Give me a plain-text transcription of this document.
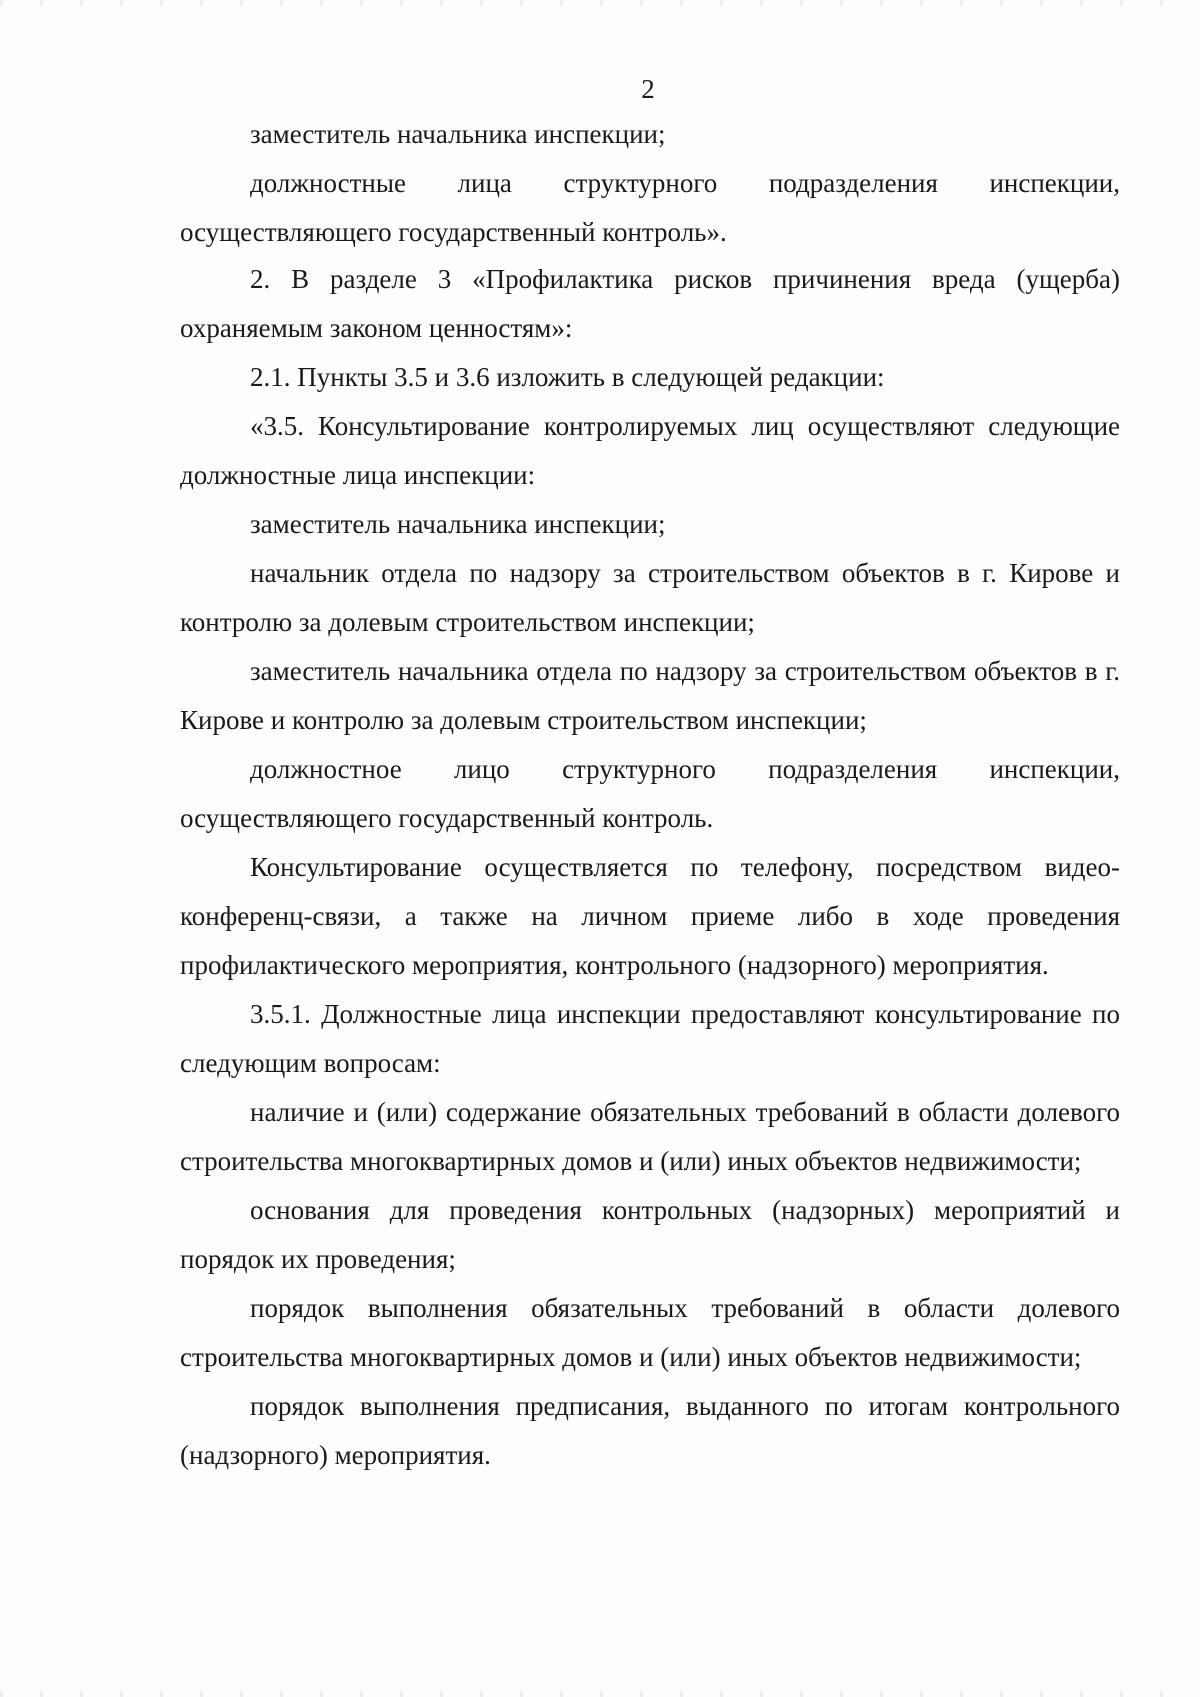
2

заместитель начальника инспекции;

должностные лица структурного подразделения инспекции, осуществляющего государственный контроль».

2. В разделе 3 «Профилактика рисков причинения вреда (ущерба) охраняемым законом ценностям»:

2.1. Пункты 3.5 и 3.6 изложить в следующей редакции:

«3.5. Консультирование контролируемых лиц осуществляют следующие должностные лица инспекции:

заместитель начальника инспекции;

начальник отдела по надзору за строительством объектов в г. Кирове и контролю за долевым строительством инспекции;

заместитель начальника отдела по надзору за строительством объектов в г. Кирове и контролю за долевым строительством инспекции;

должностное лицо структурного подразделения инспекции, осуществляющего государственный контроль.

Консультирование осуществляется по телефону, посредством видео-конференц-связи, а также на личном приеме либо в ходе проведения профилактического мероприятия, контрольного (надзорного) мероприятия.

3.5.1. Должностные лица инспекции предоставляют консультирование по следующим вопросам:

наличие и (или) содержание обязательных требований в области долевого строительства многоквартирных домов и (или) иных объектов недвижимости;

основания для проведения контрольных (надзорных) мероприятий и порядок их проведения;

порядок выполнения обязательных требований в области долевого строительства многоквартирных домов и (или) иных объектов недвижимости;

порядок выполнения предписания, выданного по итогам контрольного (надзорного) мероприятия.
